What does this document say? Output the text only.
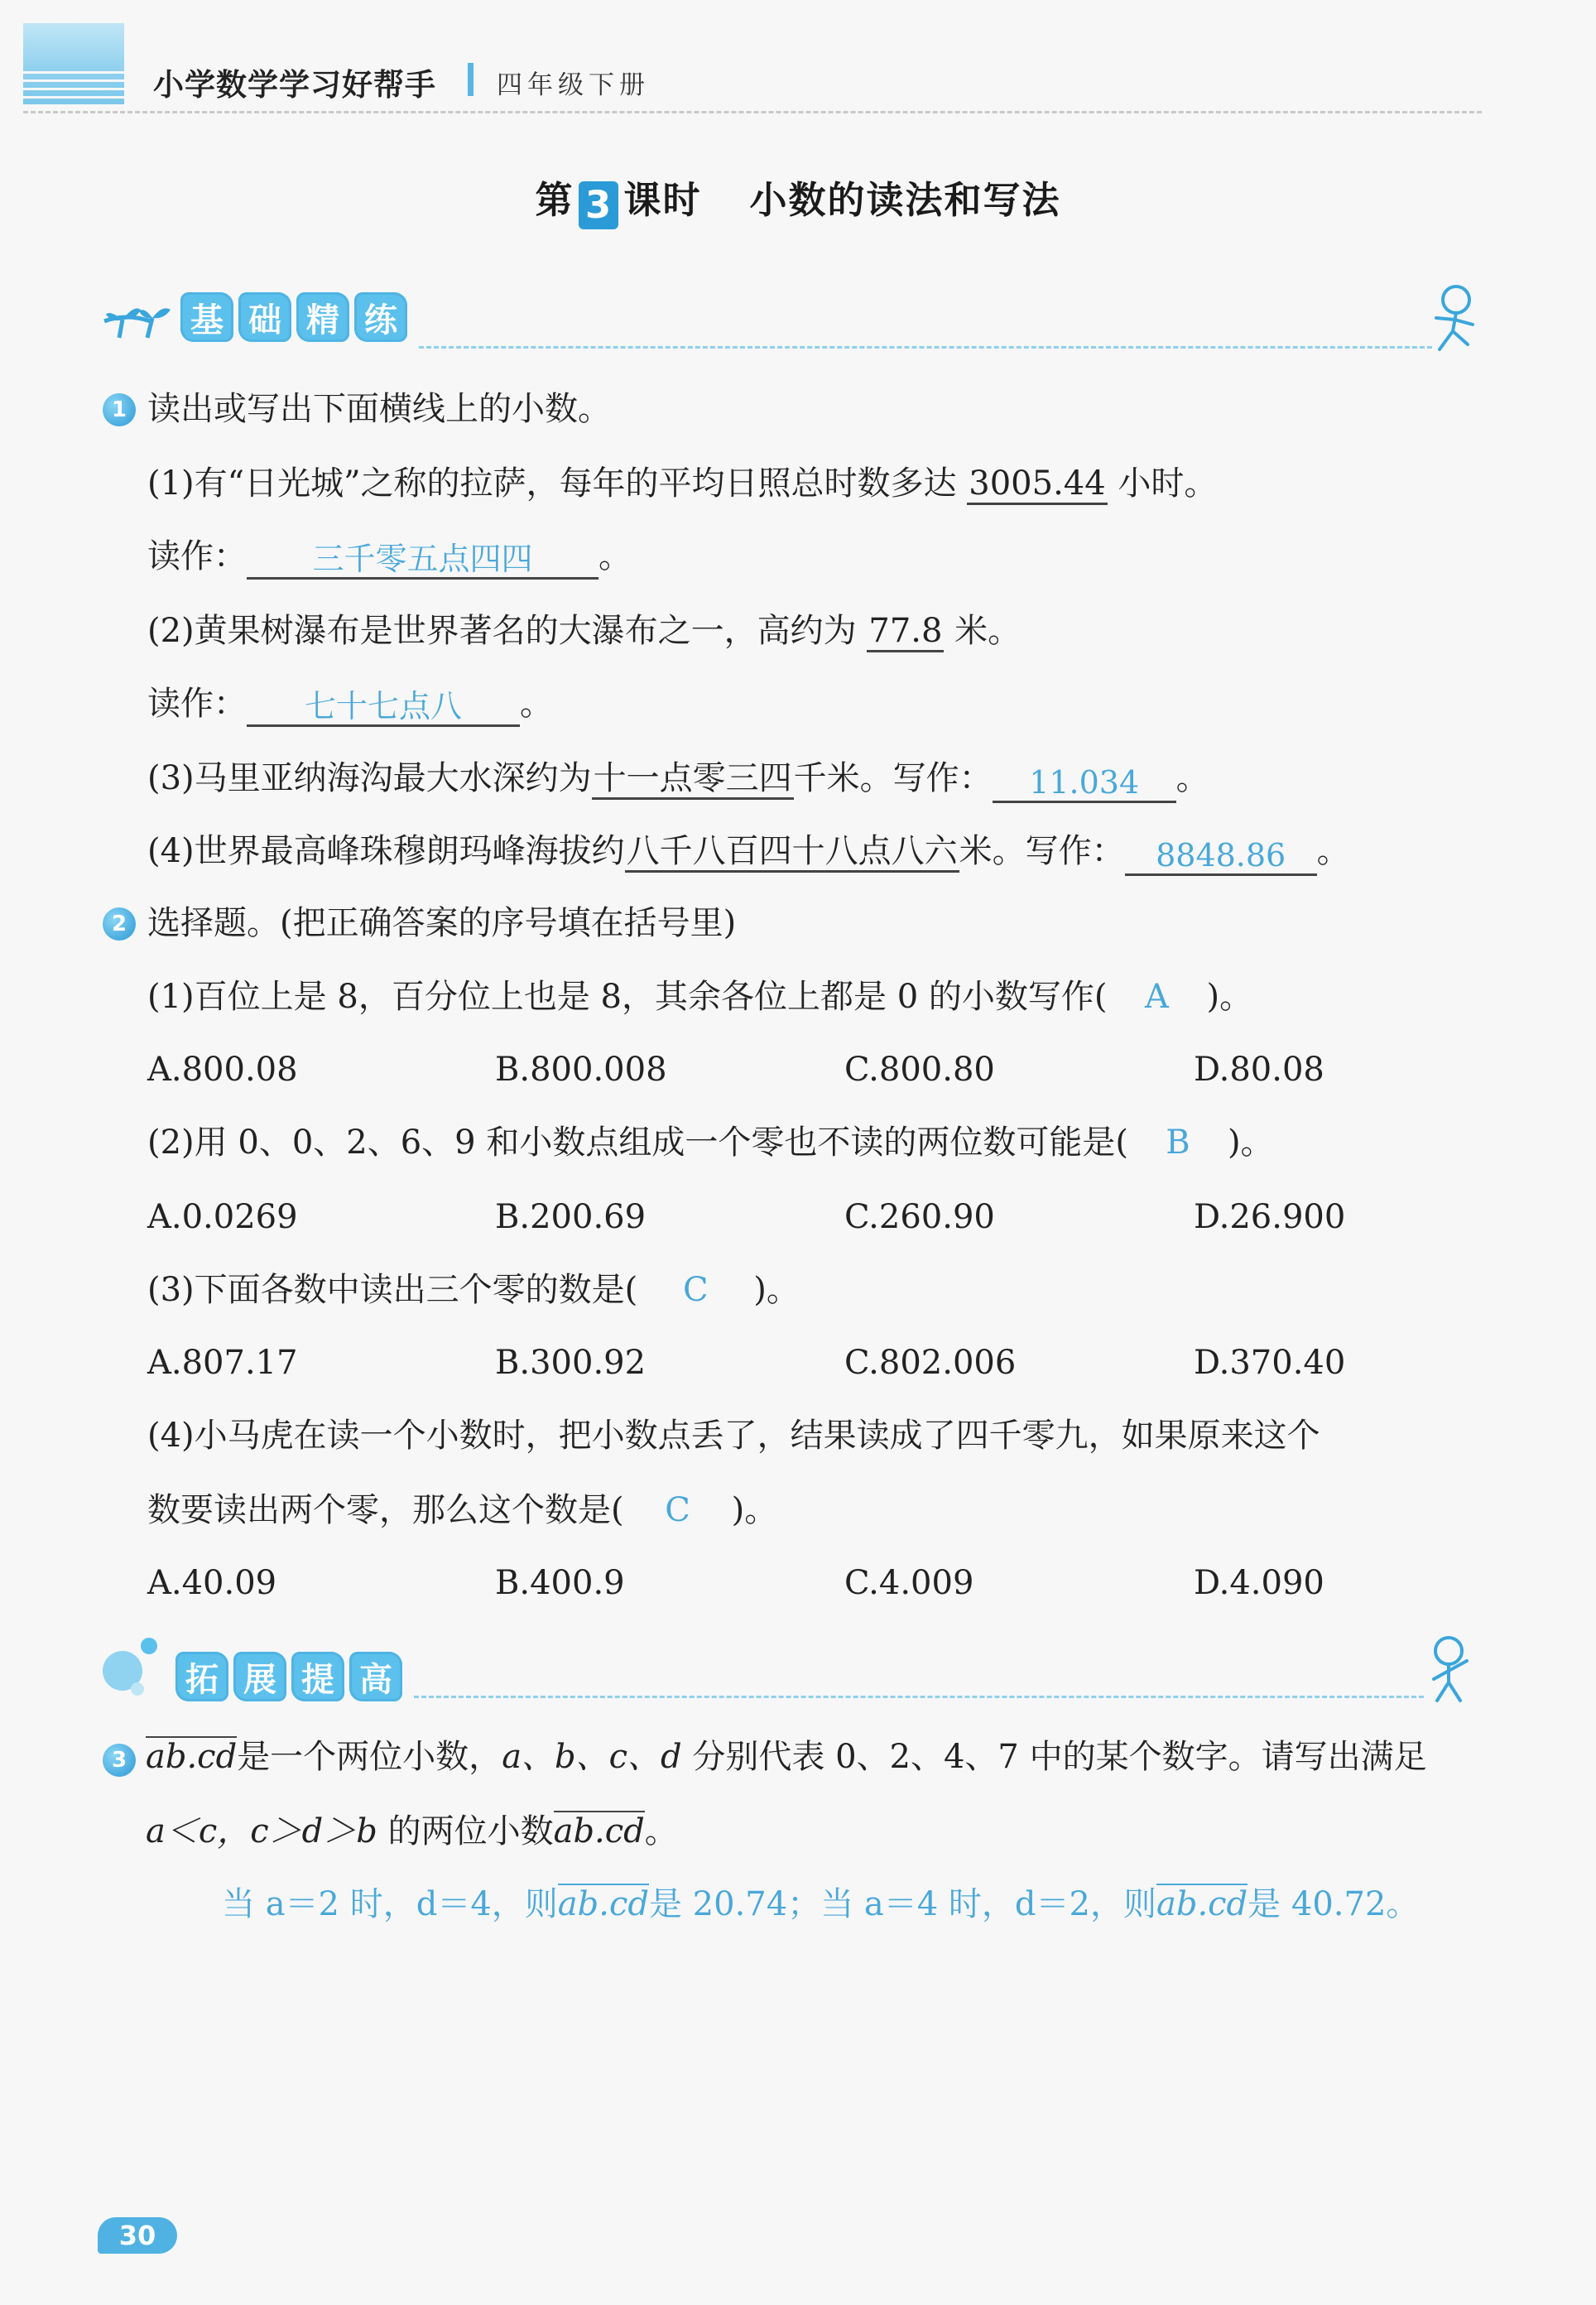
小学数学学习好帮手 四年级下册
第 3 课时 小数的读法和写法
基 础 精 练
1 读出或写出下面横线上的小数。
(1)有“日光城”之称的拉萨，每年的平均日照总时数多达 3005.44 小时。
读作： 三千零五点四四 。
(2)黄果树瀑布是世界著名的大瀑布之一，高约为 77.8 米。
读作： 七十七点八 。
(3)马里亚纳海沟最大水深约为十一点零三四千米。写作： 11.034 。
(4)世界最高峰珠穆朗玛峰海拔约八千八百四十八点八六米。写作： 8848.86 。
2 选择题。(把正确答案的序号填在括号里)
(1)百位上是 8，百分位上也是 8，其余各位上都是 0 的小数写作( A )。
A.800.08	B.800.008	C.800.80	D.80.08
(2)用 0、0、2、6、9 和小数点组成一个零也不读的两位数可能是( B )。
A.0.0269	B.200.69	C.260.90	D.26.900
(3)下面各数中读出三个零的数是( C )。
A.807.17	B.300.92	C.802.006	D.370.40
(4)小马虎在读一个小数时，把小数点丢了，结果读成了四千零九，如果原来这个
数要读出两个零，那么这个数是( C )。
A.40.09	B.400.9	C.4.009	D.4.090
拓 展 提 高
3 ab.cd是一个两位小数，a、b、c、d 分别代表 0、2、4、7 中的某个数字。请写出满足
a＜c，c＞d＞b 的两位小数ab.cd。
当 a＝2 时，d＝4，则ab.cd是 20.74；当 a＝4 时，d＝2，则ab.cd是 40.72。
30
